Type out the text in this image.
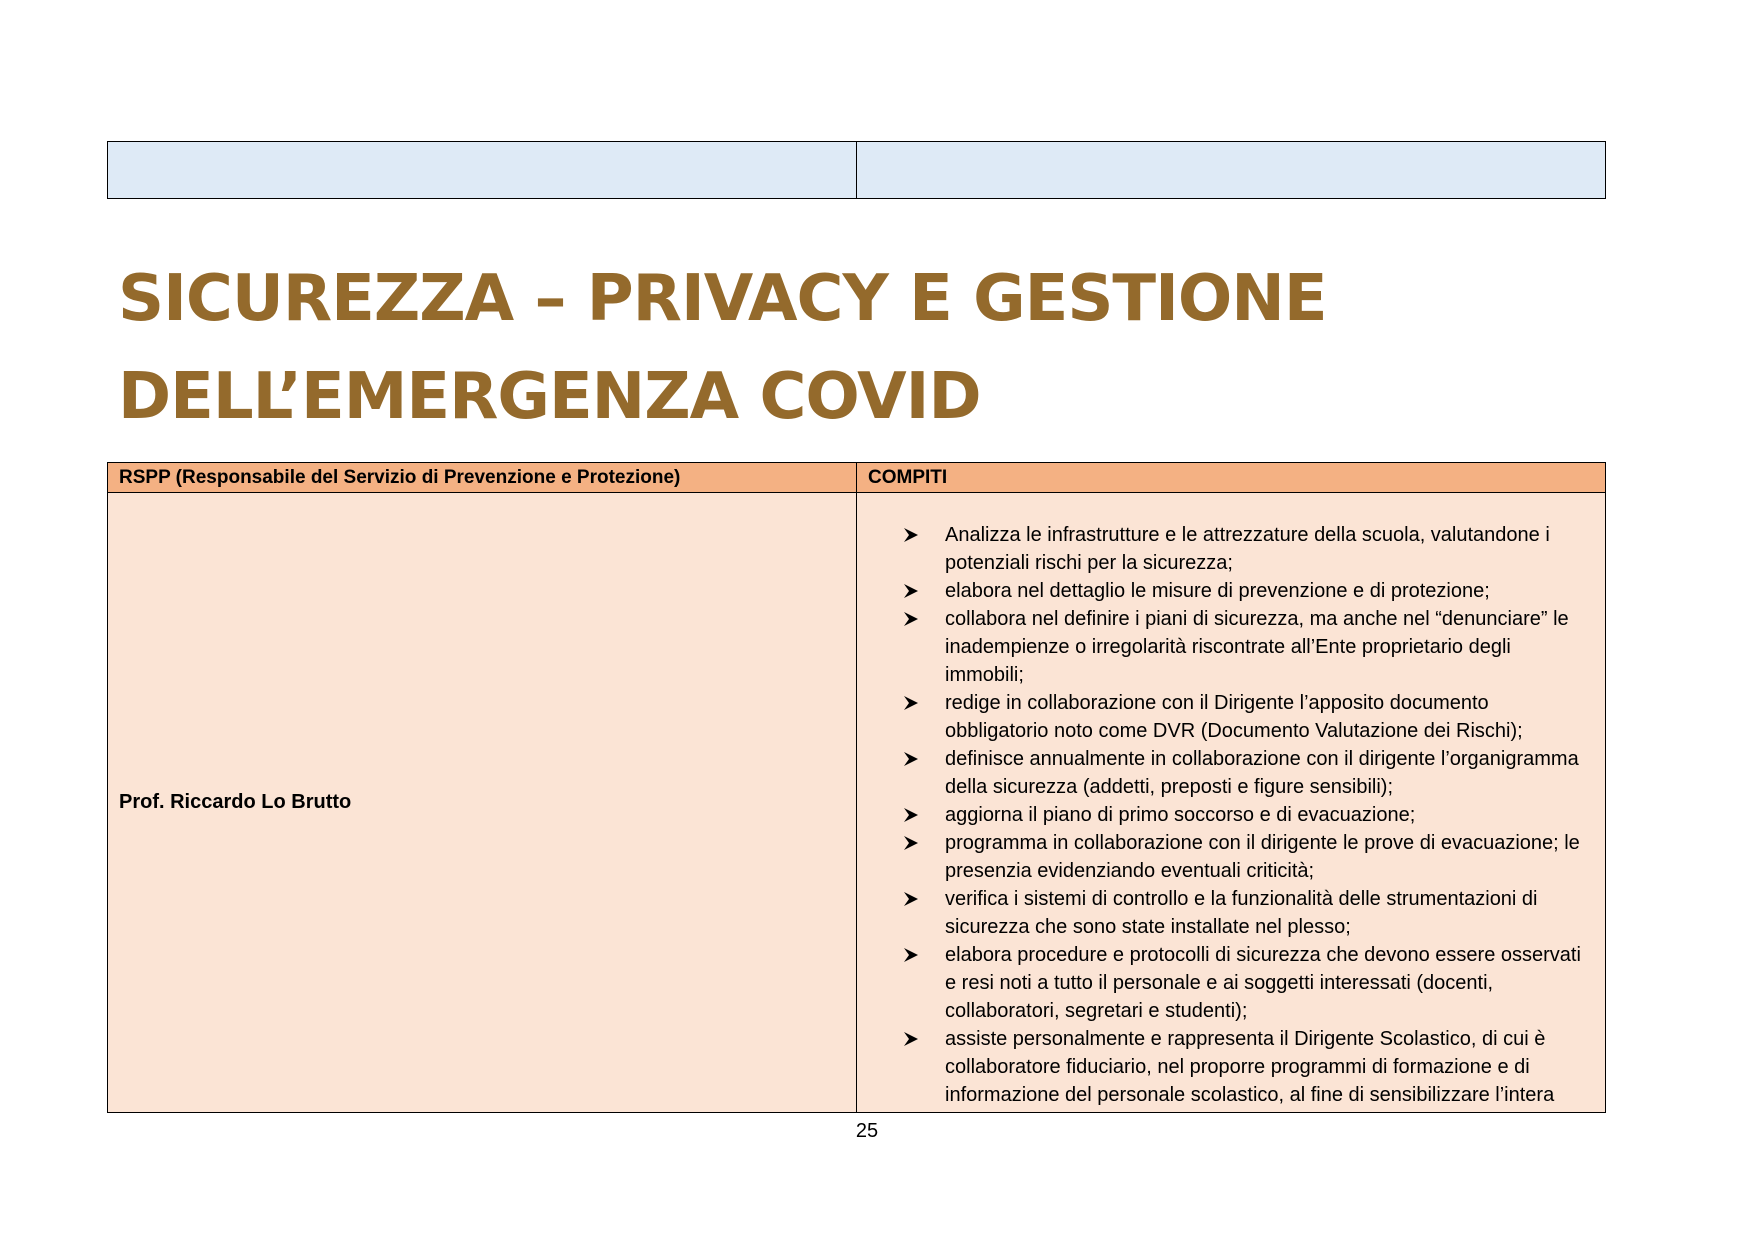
SICUREZZA – PRIVACY E GESTIONE
DELL’EMERGENZA COVID
RSPP (Responsabile del Servizio di Prevenzione e Protezione)	COMPITI
Prof. Riccardo Lo Brutto
Analizza le infrastrutture e le attrezzature della scuola, valutandone i potenziali rischi per la sicurezza;
elabora nel dettaglio le misure di prevenzione e di protezione;
collabora nel definire i piani di sicurezza, ma anche nel “denunciare” le inadempienze o irregolarità riscontrate all’Ente proprietario degli immobili;
redige in collaborazione con il Dirigente l’apposito documento obbligatorio noto come DVR (Documento Valutazione dei Rischi);
definisce annualmente in collaborazione con il dirigente l’organigramma della sicurezza (addetti, preposti e figure sensibili);
aggiorna il piano di primo soccorso e di evacuazione;
programma in collaborazione con il dirigente le prove di evacuazione; le presenzia evidenziando eventuali criticità;
verifica i sistemi di controllo e la funzionalità delle strumentazioni di sicurezza che sono state installate nel plesso;
elabora procedure e protocolli di sicurezza che devono essere osservati e resi noti a tutto il personale e ai soggetti interessati (docenti, collaboratori, segretari e studenti);
assiste personalmente e rappresenta il Dirigente Scolastico, di cui è collaboratore fiduciario, nel proporre programmi di formazione e di informazione del personale scolastico, al fine di sensibilizzare l’intera
25
